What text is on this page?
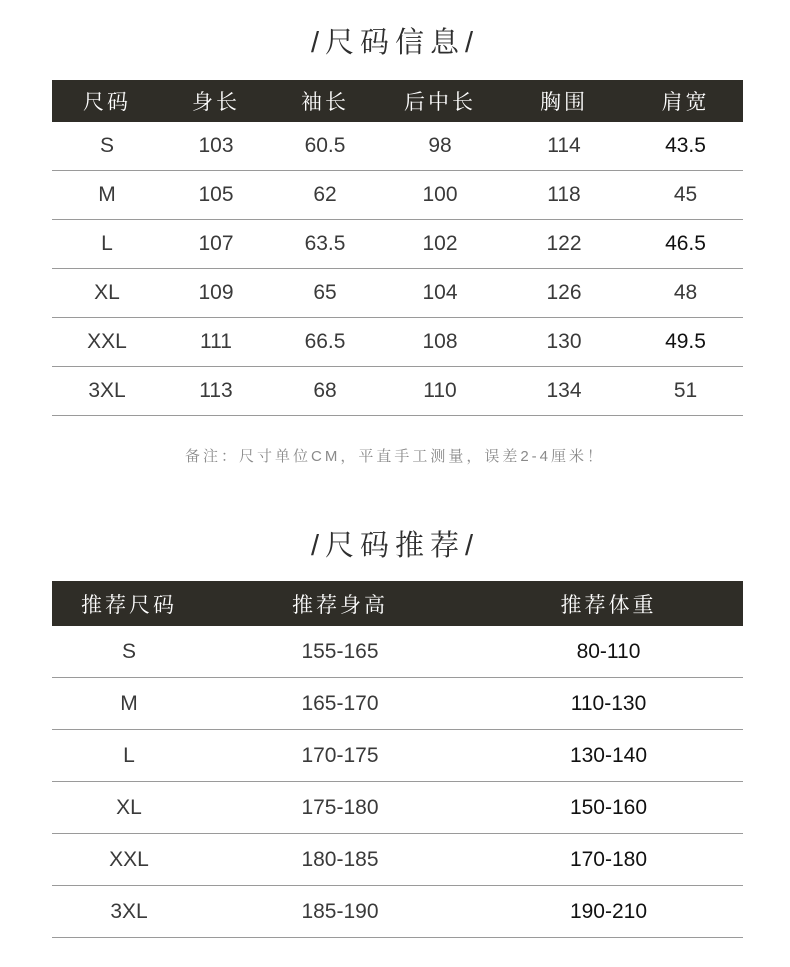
/尺码信息/
尺码	身长	袖长	后中长	胸围	肩宽
S	103	60.5	98	114	43.5
M	105	62	100	118	45
L	107	63.5	102	122	46.5
XL	109	65	104	126	48
XXL	111	66.5	108	130	49.5
3XL	113	68	110	134	51
备注：尺寸单位CM，平直手工测量，误差2-4厘米！
/尺码推荐/
推荐尺码	推荐身高	推荐体重
S	155-165	80-110
M	165-170	110-130
L	170-175	130-140
XL	175-180	150-160
XXL	180-185	170-180
3XL	185-190	190-210
